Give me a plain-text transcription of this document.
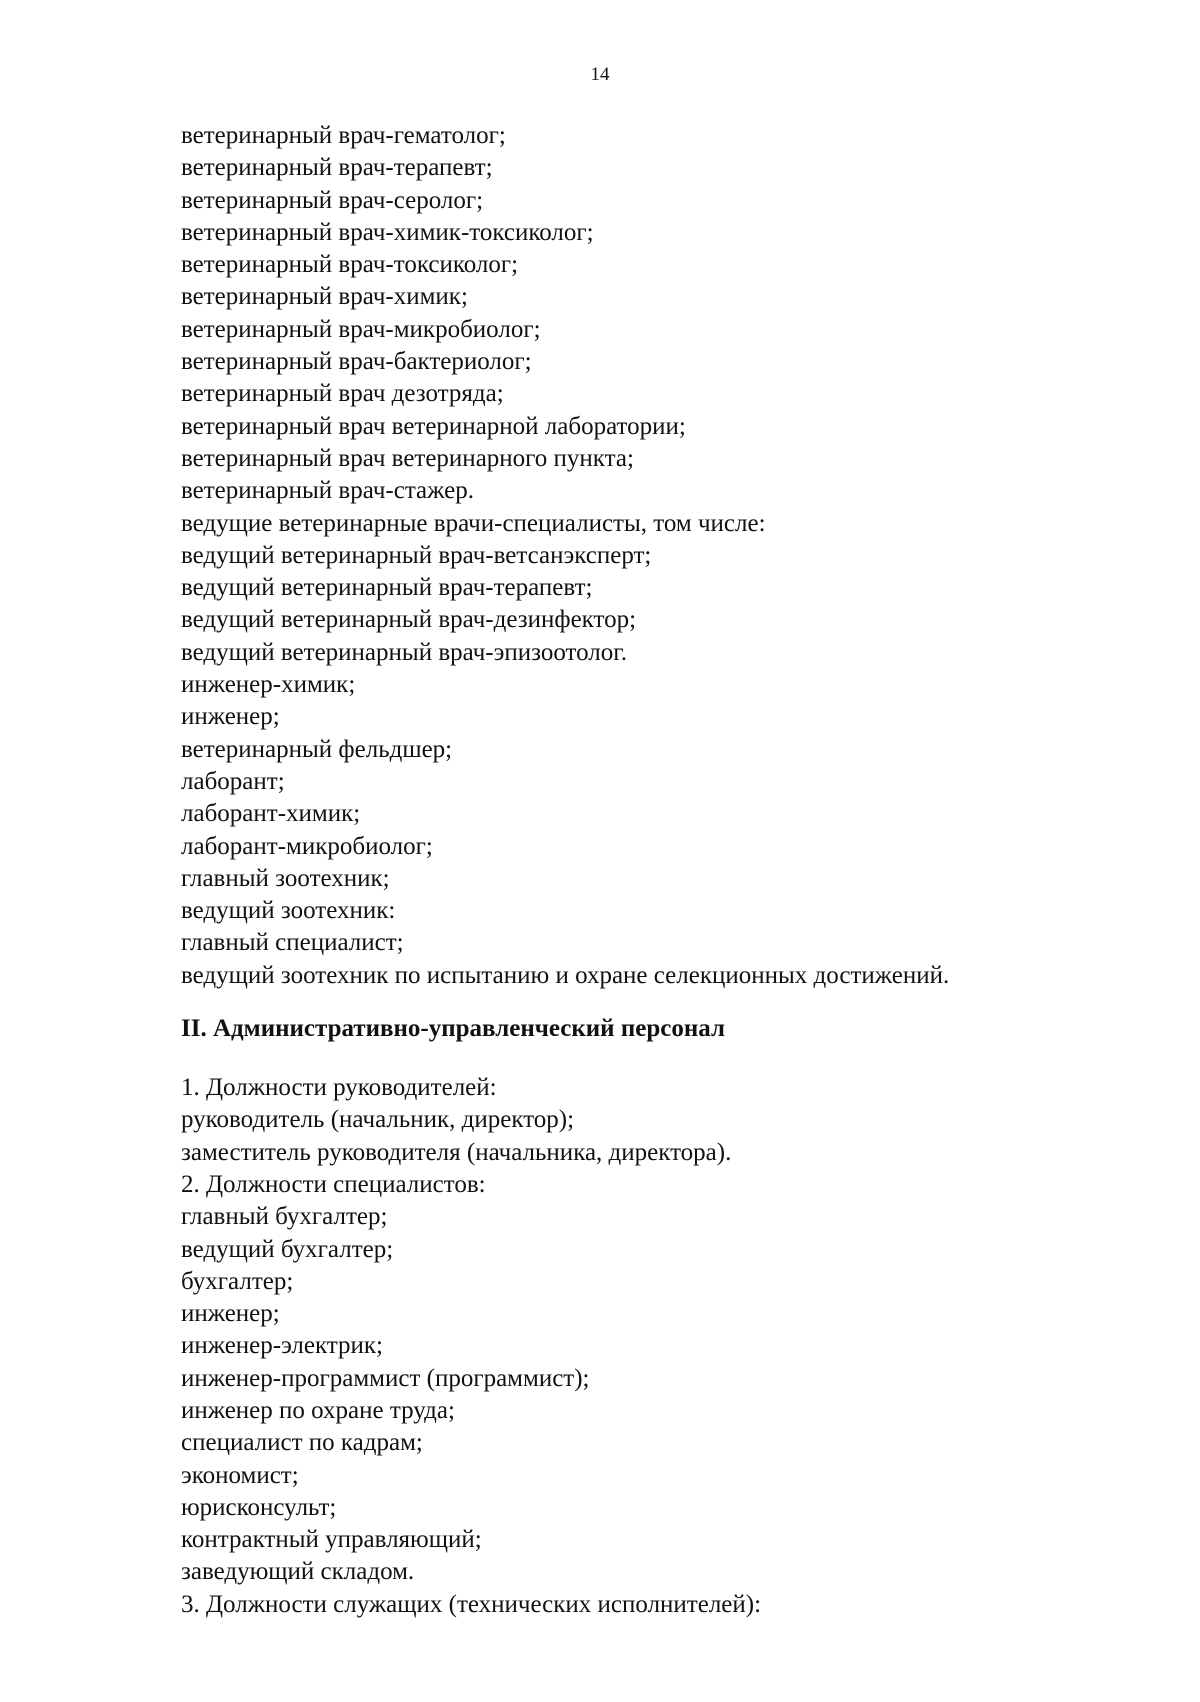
14

ветеринарный врач-гематолог;

ветеринарный врач-терапевт;

ветеринарный врач-серолог;

ветеринарный врач-химик-токсиколог;

ветеринарный врач-токсиколог;

ветеринарный врач-химик;

ветеринарный врач-микробиолог;

ветеринарный врач-бактериолог;

ветеринарный врач дезотряда;

ветеринарный врач ветеринарной лаборатории;

ветеринарный врач ветеринарного пункта;

ветеринарный врач-стажер.

ведущие ветеринарные врачи-специалисты, том числе:

ведущий ветеринарный врач-ветсанэксперт;

ведущий ветеринарный врач-терапевт;

ведущий ветеринарный врач-дезинфектор;

ведущий ветеринарный врач-эпизоотолог.

инженер-химик;

инженер;

ветеринарный фельдшер;

лаборант;

лаборант-химик;

лаборант-микробиолог;

главный зоотехник;

ведущий зоотехник:

главный специалист;

ведущий зоотехник по испытанию и охране селекционных достижений.

II. Административно-управленческий персонал

1. Должности руководителей:

руководитель (начальник, директор);

заместитель руководителя (начальника, директора).

2. Должности специалистов:

главный бухгалтер;

ведущий бухгалтер;

бухгалтер;

инженер;

инженер-электрик;

инженер-программист (программист);

инженер по охране труда;

специалист по кадрам;

экономист;

юрисконсульт;

контрактный управляющий;

заведующий складом.

3. Должности служащих (технических исполнителей):
